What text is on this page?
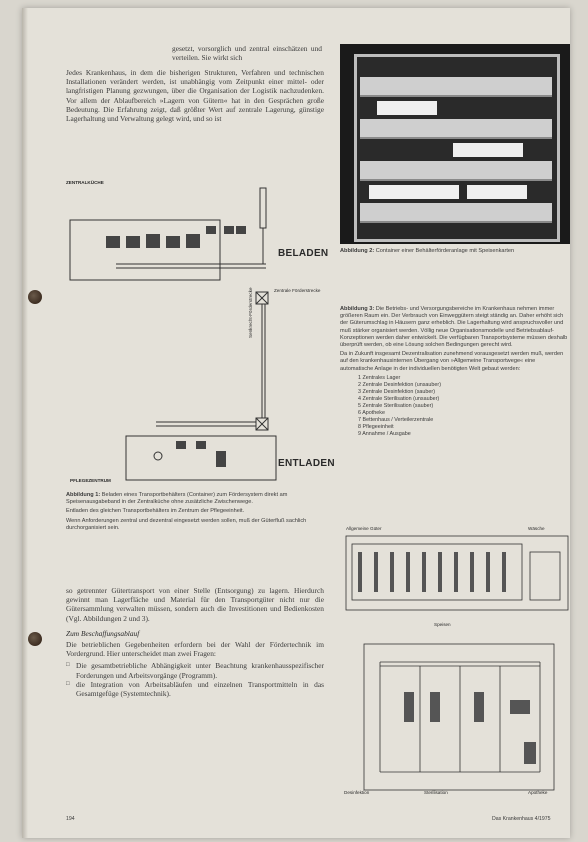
gesetzt, vorsorglich und zentral einschätzen und verteilen. Sie wirkt sich

Jedes Krankenhaus, in dem die bisherigen Strukturen, Verfahren und technischen Installationen verändert werden, ist unabhängig vom Zeitpunkt einer mittel- oder langfristigen Planung gezwungen, über die Organisation der Logistik nachzudenken. Vor allem der Ablaufbereich »Lagern von Gütern« hat in den Gesprächen große Bedeutung. Die Erfahrung zeigt, daß größter Wert auf zentrale Lagerung, günstige Lagerhaltung und Verwaltung gelegt wird, und so ist

ZENTRALKÜCHE
BELADEN
Zentrale Förderstrecke
Senkrecht-Förderstrecke
ENTLADEN
PFLEGEZENTRUM

Abbildung 1: Beladen eines Transportbehälters (Container) zum Fördersystem direkt am Speisenausgabeband in der Zentralküche ohne zusätzliche Zwischenwege.

Entladen des gleichen Transportbehälters im Zentrum der Pflegeeinheit.

Wenn Anforderungen zentral und dezentral eingesetzt werden sollen, muß der Güterfluß sachlich durchorganisiert sein.

so getrennter Gütertransport von einer Stelle (Entsorgung) zu lagern. Hierdurch gewinnt man Lagerfläche und Material für den Transportgüter nicht nur die Gütersammlung verwalten müssen, sondern auch die Investitionen und Bedienkosten (Vgl. Abbildungen 2 und 3).

Zum Beschaffungsablauf

Die betrieblichen Gegebenheiten erfordern bei der Wahl der Fördertechnik im Vordergrund. Hier unterscheidet man zwei Fragen:

□ Die gesamtbetriebliche Abhängigkeit unter Beachtung krankenhausspezifischer Forderungen und Arbeitsvorgänge (Programm).
□ die Integration von Arbeitsabläufen und einzelnen Transportmitteln in das Gesamtgefüge (Systemtechnik).

Abbildung 2: Container einer Behälterförderanlage mit Speisenkarten

Abbildung 3: Die Betriebs- und Versorgungsbereiche im Krankenhaus nehmen immer größeren Raum ein. Der Verbrauch von Einweggütern steigt ständig an. Daher erhöht sich der Güterumschlag in Häusern ganz erheblich. Die Lagerhaltung wird anspruchsvoller und muß stärker organisiert werden. Völlig neue Organisationsmodelle und Betriebsablauf-Konzeptionen werden daher entwickelt. Die verfügbaren Transportsysteme müssen deshalb überprüft werden, ob eine Lösung solchen Bedingungen gerecht wird.

Da in Zukunft insgesamt Dezentralisation zunehmend vorausgesetzt werden muß, werden auf den krankenhausinternen Übergang von »Allgemeine Transportwege« eine automatische Anlage in der individuellen benötigten Welt gebaut werden:

1 Zentrales Lager
2 Zentrale Desinfektion (unsauber)
3 Zentrale Desinfektion (sauber)
4 Zentrale Sterilisation (unsauber)
5 Zentrale Sterilisation (sauber)
6 Apotheke
7 Bettenhaus / Verteilerzentrale
8 Pflegeeinheit
9 Annahme / Ausgabe
Allgemeine Güter	Wäsche
Desinfektion	Sterilisation	Apotheke
Speisen
194	Das Krankenhaus 4/1975
